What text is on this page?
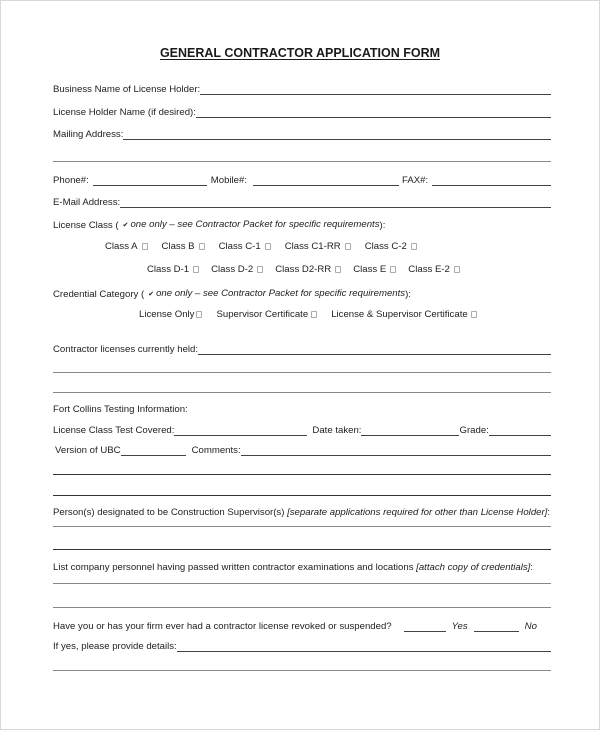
GENERAL CONTRACTOR APPLICATION FORM
Business Name of License Holder:
License Holder Name (if desired):
Mailing Address:
Phone#:	Mobile#:	FAX#:
E-Mail Address:
License Class ( ✔ one only – see Contractor Packet for specific requirements ):
Class A	Class B	Class C-1	Class C1-RR	Class C-2
Class D-1 Class D-2 Class D2-RR Class E Class E-2
Credential Category ( ✔ one only – see Contractor Packet for specific requirements ):
License Only Supervisor Certificate License & Supervisor Certificate
Contractor licenses currently held:
Fort Collins Testing Information:
License Class Test Covered:	Date taken:	Grade:
Version of UBC	Comments:
Person(s) designated to be Construction Supervisor(s) [separate applications required for other than License Holder]:
List company personnel having passed written contractor examinations and locations [attach copy of credentials]:
Have you or has your firm ever had a contractor license revoked or suspended?	Yes	No
If yes, please provide details:
